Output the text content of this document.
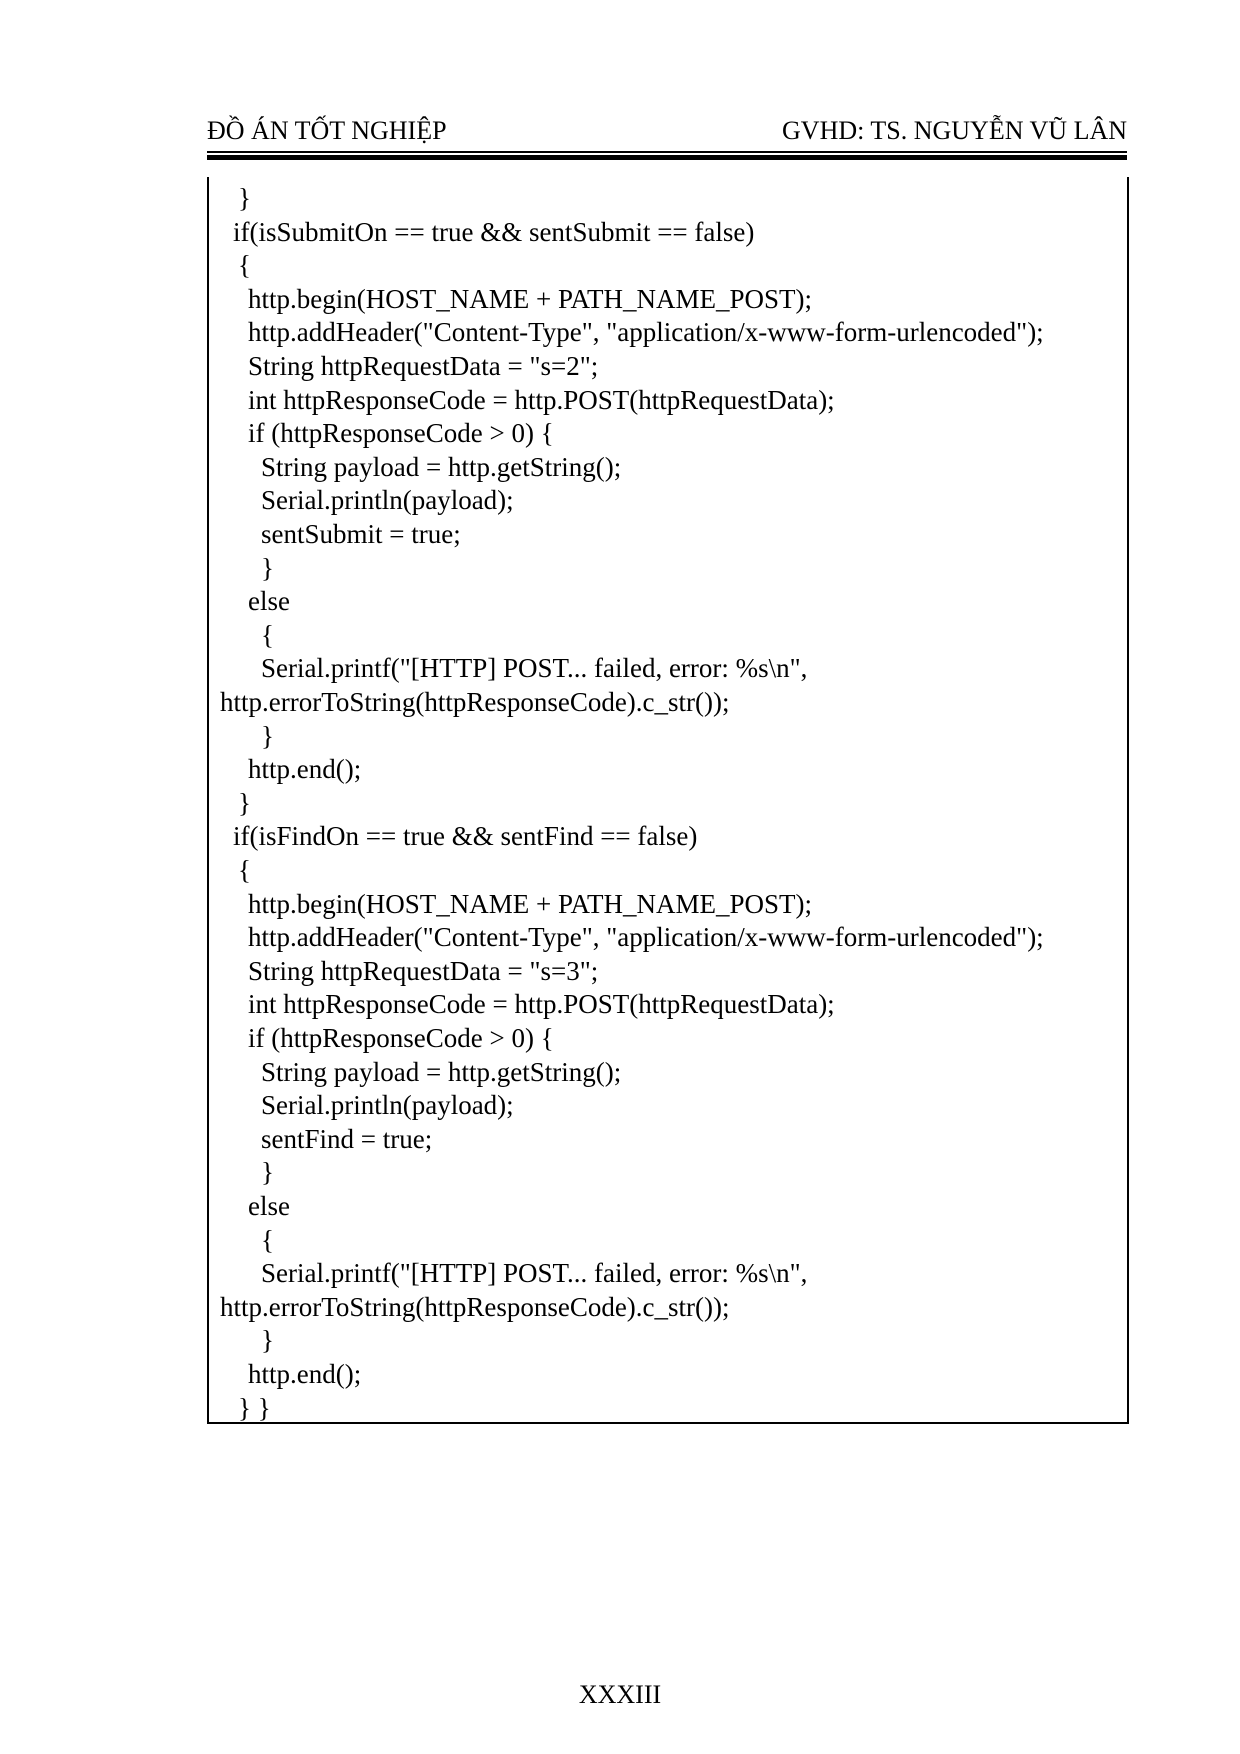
ĐỒ ÁN TỐT NGHIỆP	GVHD: TS. NGUYỄN VŨ LÂN
}
if(isSubmitOn == true && sentSubmit == false)
{
http.begin(HOST_NAME + PATH_NAME_POST);
http.addHeader("Content-Type", "application/x-www-form-urlencoded");
String httpRequestData = "s=2";
int httpResponseCode = http.POST(httpRequestData);
if (httpResponseCode > 0) {
String payload = http.getString();
Serial.println(payload);
sentSubmit = true;
}
else
{
Serial.printf("[HTTP] POST... failed, error: %s\n",
http.errorToString(httpResponseCode).c_str());
}
http.end();
}
if(isFindOn == true && sentFind == false)
{
http.begin(HOST_NAME + PATH_NAME_POST);
http.addHeader("Content-Type", "application/x-www-form-urlencoded");
String httpRequestData = "s=3";
int httpResponseCode = http.POST(httpRequestData);
if (httpResponseCode > 0) {
String payload = http.getString();
Serial.println(payload);
sentFind = true;
}
else
{
Serial.printf("[HTTP] POST... failed, error: %s\n",
http.errorToString(httpResponseCode).c_str());
}
http.end();
} }
XXXIII
